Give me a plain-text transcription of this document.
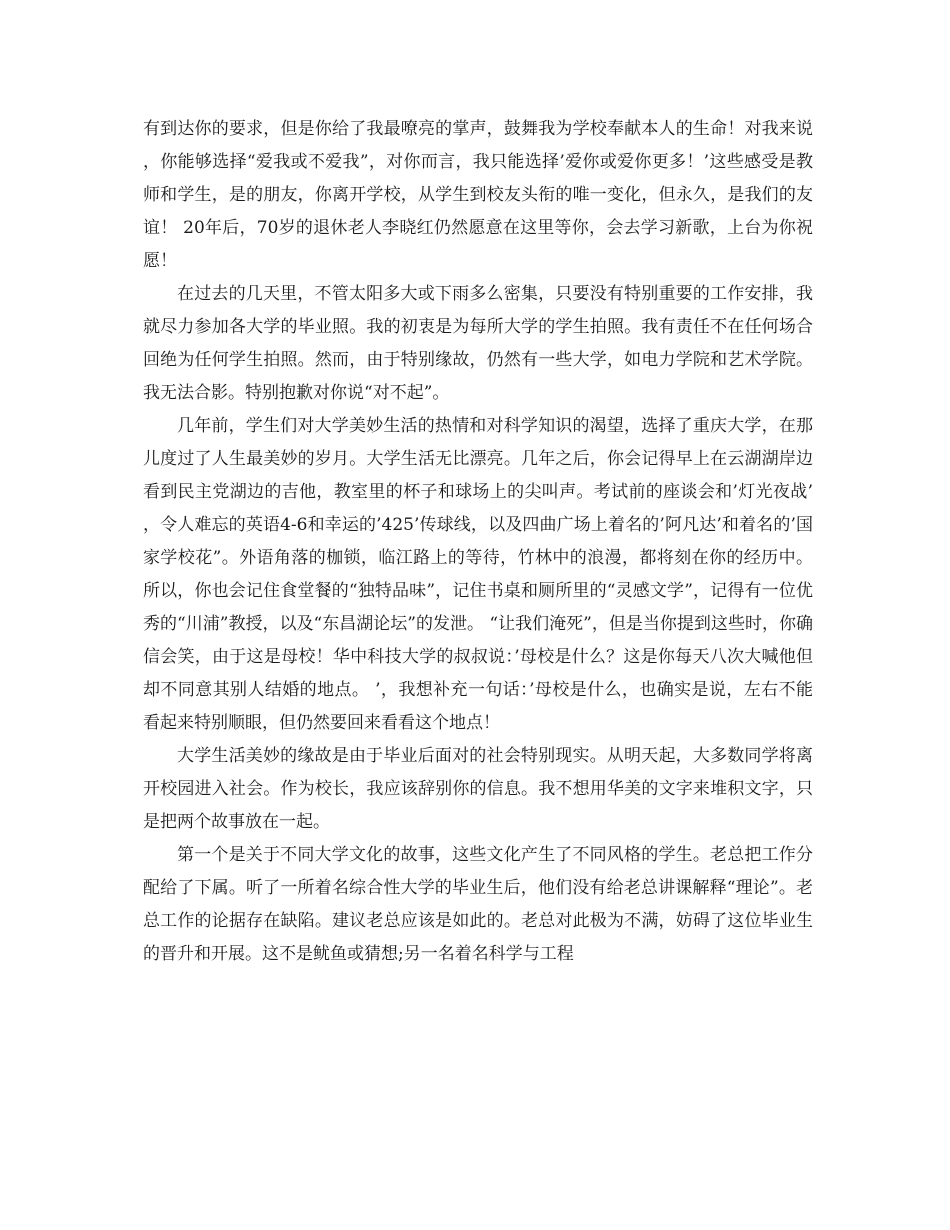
有到达你的要求，但是你给了我最嘹亮的掌声，鼓舞我为学校奉献本人的生命！对我来说，你能够选择“爱我或不爱我”，对你而言，我只能选择’爱你或爱你更多！’这些感受是教师和学生，是的朋友，你离开学校，从学生到校友头衔的唯一变化，但永久，是我们的友谊！ 20年后，70岁的退休老人李晓红仍然愿意在这里等你，会去学习新歌，上台为你祝愿！

在过去的几天里，不管太阳多大或下雨多么密集，只要没有特别重要的工作安排，我就尽力参加各大学的毕业照。我的初衷是为每所大学的学生拍照。我有责任不在任何场合回绝为任何学生拍照。然而，由于特别缘故，仍然有一些大学，如电力学院和艺术学院。我无法合影。特别抱歉对你说“对不起”。

几年前，学生们对大学美妙生活的热情和对科学知识的渴望，选择了重庆大学，在那儿度过了人生最美妙的岁月。大学生活无比漂亮。几年之后，你会记得早上在云湖湖岸边看到民主党湖边的吉他，教室里的杯子和球场上的尖叫声。考试前的座谈会和’灯光夜战’，令人难忘的英语4-6和幸运的’425’传球线，以及四曲广场上着名的’阿凡达’和着名的’国家学校花”。外语角落的枷锁，临江路上的等待，竹林中的浪漫，都将刻在你的经历中。所以，你也会记住食堂餐的“独特品味”，记住书桌和厕所里的“灵感文学”，记得有一位优秀的“川浦”教授，以及“东昌湖论坛”的发泄。 “让我们淹死”，但是当你提到这些时，你确信会笑，由于这是母校！华中科技大学的叔叔说：’母校是什么？这是你每天八次大喊他但却不同意其别人结婚的地点。 ’，我想补充一句话：’母校是什么，也确实是说，左右不能看起来特别顺眼，但仍然要回来看看这个地点！

大学生活美妙的缘故是由于毕业后面对的社会特别现实。从明天起，大多数同学将离开校园进入社会。作为校长，我应该辞别你的信息。我不想用华美的文字来堆积文字，只是把两个故事放在一起。

第一个是关于不同大学文化的故事，这些文化产生了不同风格的学生。老总把工作分配给了下属。听了一所着名综合性大学的毕业生后，他们没有给老总讲课解释“理论”。老总工作的论据存在缺陷。建议老总应该是如此的。老总对此极为不满，妨碍了这位毕业生的晋升和开展。这不是鱿鱼或猜想;另一名着名科学与工程
